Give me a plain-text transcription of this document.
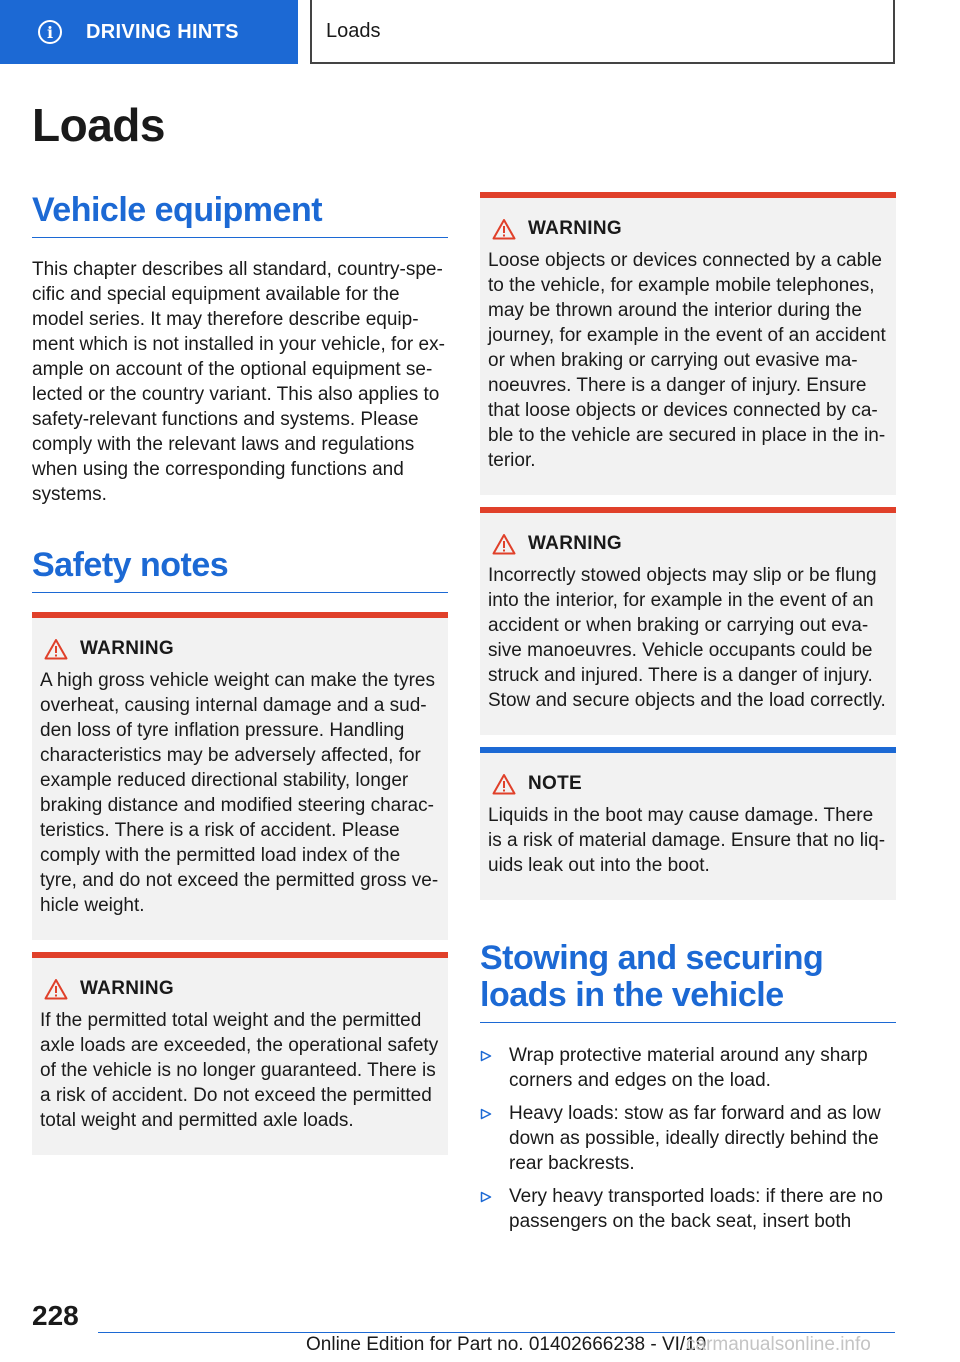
i	DRIVING HINTS	Loads
Loads
Vehicle equipment

This chapter describes all standard, country-specific and special equipment available for the model series. It may therefore describe equipment which is not installed in your vehicle, for example on account of the optional equipment selected or the country variant. This also applies to safety-relevant functions and systems. Please comply with the relevant laws and regulations when using the corresponding functions and systems.

Safety notes
WARNING

A high gross vehicle weight can make the tyres overheat, causing internal damage and a sudden loss of tyre inflation pressure. Handling characteristics may be adversely affected, for example reduced directional stability, longer braking distance and modified steering characteristics. There is a risk of accident. Please comply with the permitted load index of the tyre, and do not exceed the permitted gross vehicle weight.

WARNING

If the permitted total weight and the permitted axle loads are exceeded, the operational safety of the vehicle is no longer guaranteed. There is a risk of accident. Do not exceed the permitted total weight and permitted axle loads.

WARNING

Loose objects or devices connected by a cable to the vehicle, for example mobile telephones, may be thrown around the interior during the journey, for example in the event of an accident or when braking or carrying out evasive manoeuvres. There is a danger of injury. Ensure that loose objects or devices connected by cable to the vehicle are secured in place in the interior.

WARNING

Incorrectly stowed objects may slip or be flung into the interior, for example in the event of an accident or when braking or carrying out evasive manoeuvres. Vehicle occupants could be struck and injured. There is a danger of injury. Stow and secure objects and the load correctly.

NOTE

Liquids in the boot may cause damage. There is a risk of material damage. Ensure that no liquids leak out into the boot.

Stowing and securing loads in the vehicle
Wrap protective material around any sharp corners and edges on the load.
Heavy loads: stow as far forward and as low down as possible, ideally directly behind the rear backrests.
Very heavy transported loads: if there are no passengers on the back seat, insert both
228
Online Edition for Part no. 01402666238 - VI/19
carmanualsonline.info
